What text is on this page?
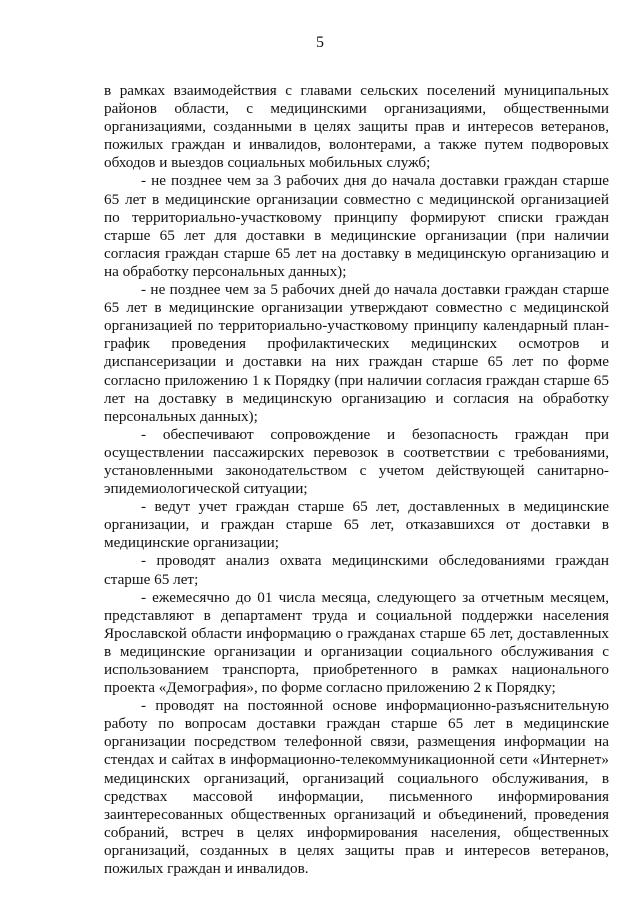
5

в рамках взаимодействия с главами сельских поселений муниципальных районов области, с медицинскими организациями, общественными организациями, созданными в целях защиты прав и интересов ветеранов, пожилых граждан и инвалидов, волонтерами, а также путем подворовых обходов и выездов социальных мобильных служб;

- не позднее чем за 3 рабочих дня до начала доставки граждан старше 65 лет в медицинские организации совместно с медицинской организацией по территориально-участковому принципу формируют списки граждан старше 65 лет для доставки в медицинские организации (при наличии согласия граждан старше 65 лет на доставку в медицинскую организацию и на обработку персональных данных);

- не позднее чем за 5 рабочих дней до начала доставки граждан старше 65 лет в медицинские организации утверждают совместно с медицинской организацией по территориально-участковому принципу календарный план-график проведения профилактических медицинских осмотров и диспансеризации и доставки на них граждан старше 65 лет по форме согласно приложению 1 к Порядку (при наличии согласия граждан старше 65 лет на доставку в медицинскую организацию и согласия на обработку персональных данных);

- обеспечивают сопровождение и безопасность граждан при осуществлении пассажирских перевозок в соответствии с требованиями, установленными законодательством с учетом действующей санитарно-эпидемиологической ситуации;

- ведут учет граждан старше 65 лет, доставленных в медицинские организации, и граждан старше 65 лет, отказавшихся от доставки в медицинские организации;

- проводят анализ охвата медицинскими обследованиями граждан старше 65 лет;

- ежемесячно до 01 числа месяца, следующего за отчетным месяцем, представляют в департамент труда и социальной поддержки населения Ярославской области информацию о гражданах старше 65 лет, доставленных в медицинские организации и организации социального обслуживания с использованием транспорта, приобретенного в рамках национального проекта «Демография», по форме согласно приложению 2 к Порядку;

- проводят на постоянной основе информационно-разъяснительную работу по вопросам доставки граждан старше 65 лет в медицинские организации посредством телефонной связи, размещения информации на стендах и сайтах в информационно-телекоммуникационной сети «Интернет» медицинских организаций, организаций социального обслуживания, в средствах массовой информации, письменного информирования заинтересованных общественных организаций и объединений, проведения собраний, встреч в целях информирования населения, общественных организаций, созданных в целях защиты прав и интересов ветеранов, пожилых граждан и инвалидов.
